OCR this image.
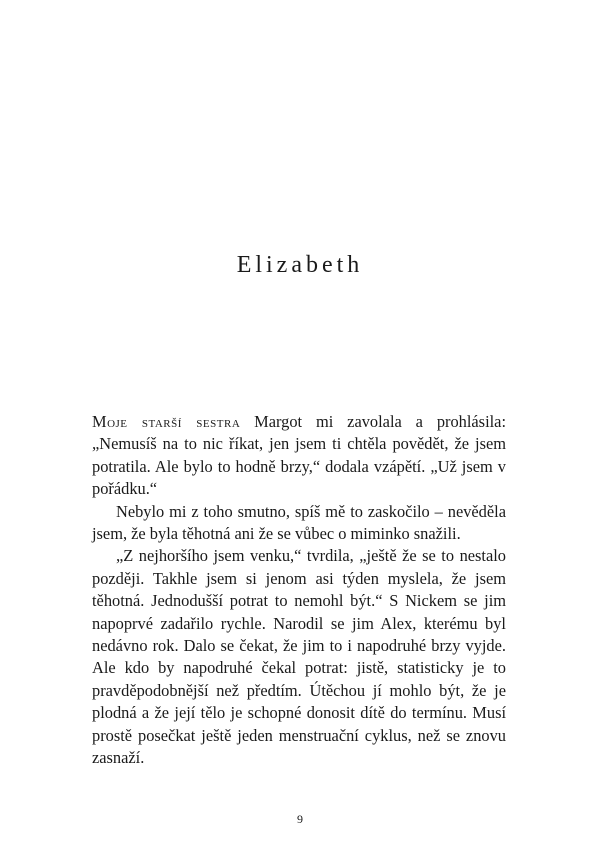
Elizabeth

Moje starší sestra Margot mi zavolala a prohlásila: „Nemusíš na to nic říkat, jen jsem ti chtěla povědět, že jsem potratila. Ale bylo to hodně brzy,“ dodala vzápětí. „Už jsem v pořádku.“

Nebylo mi z toho smutno, spíš mě to zaskočilo – nevěděla jsem, že byla těhotná ani že se vůbec o miminko snažili.

„Z nejhoršího jsem venku,“ tvrdila, „ještě že se to nestalo později. Takhle jsem si jenom asi týden myslela, že jsem těhotná. Jednodušší potrat to nemohl být.“ S Nickem se jim napoprvé zadařilo rychle. Narodil se jim Alex, kterému byl nedávno rok. Dalo se čekat, že jim to i napodruhé brzy vyjde. Ale kdo by napodruhé čekal potrat: jistě, statisticky je to pravděpodobnější než předtím. Útěchou jí mohlo být, že je plodná a že její tělo je schopné donosit dítě do termínu. Musí prostě posečkat ještě jeden menstruační cyklus, než se znovu zasnaží.

9
